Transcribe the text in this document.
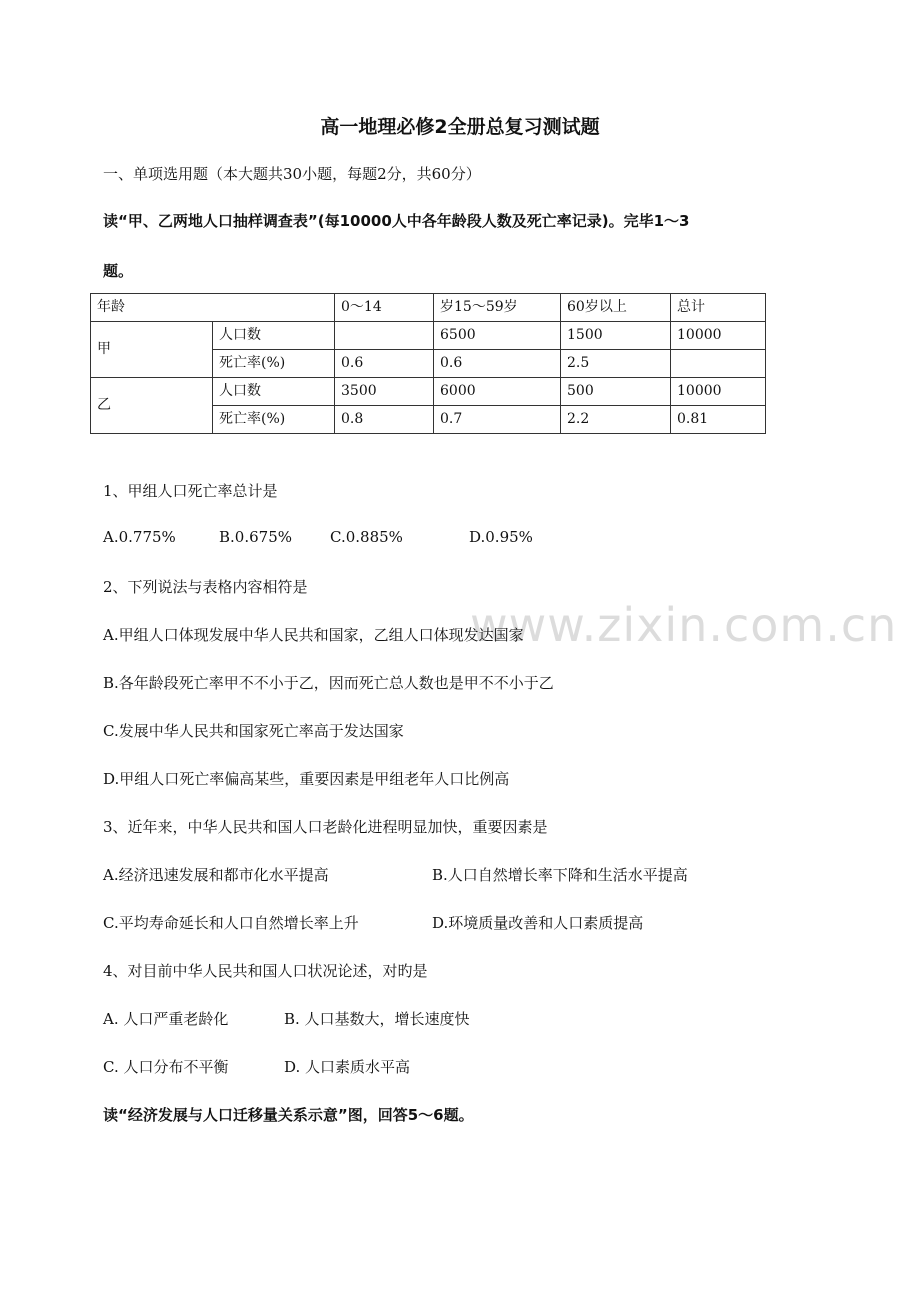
高一地理必修2全册总复习测试题
一、单项选用题（本大题共30小题，每题2分，共60分）
读“甲、乙两地人口抽样调查表”(每10000人中各年龄段人数及死亡率记录)。完毕1～3
题。
年龄		0～14	岁15～59岁	60岁以上	总计
甲	人口数		6500	1500	10000
	死亡率(%)	0.6	0.6	2.5	
乙	人口数	3500	6000	500	10000
	死亡率(%)	0.8	0.7	2.2	0.81
1、甲组人口死亡率总计是
A.0.775%	B.0.675%	C.0.885%	D.0.95%
www.zixin.com.cn
2、下列说法与表格内容相符是
A.甲组人口体现发展中华人民共和国家，乙组人口体现发达国家
B.各年龄段死亡率甲不不小于乙，因而死亡总人数也是甲不不小于乙
C.发展中华人民共和国家死亡率高于发达国家
D.甲组人口死亡率偏高某些，重要因素是甲组老年人口比例高
3、近年来，中华人民共和国人口老龄化进程明显加快，重要因素是
A.经济迅速发展和都市化水平提高	B.人口自然增长率下降和生活水平提高
C.平均寿命延长和人口自然增长率上升	D.环境质量改善和人口素质提高
4、对目前中华人民共和国人口状况论述，对旳是
A. 人口严重老龄化	B. 人口基数大，增长速度快
C. 人口分布不平衡	D. 人口素质水平高
读“经济发展与人口迁移量关系示意”图，回答5～6题。
